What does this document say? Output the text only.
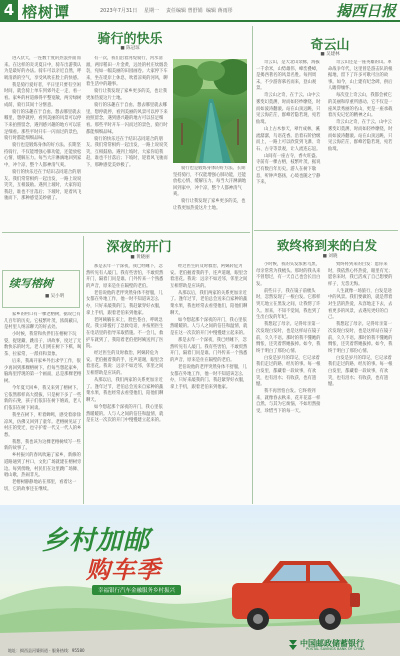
4 榕树谭	2023年7月31日 星期一 责任编辑 曾舒娟 编辑 蒋雨彤	揭西日报
骑行的快乐
■ 陈冠琼

进入伏天，一连数十度的热浪扑面而来。在这样的炎炎夏日中，骑车出游我认为是最好的办法。骑车可以亲近自然，呼吸清新的空气，享受风吹在脸上的快感。

我是骑行爱好者，平日里只要有空闲时间，就会骑上单车到郊外走一走、看一看。家乡的村道修得平整宽敞，两旁绿树成荫，骑行其间十分惬意。

骑行的乐趣在于自由。想去哪里就去哪里，想停就停，看到美丽的风景可以停下来拍照留念，遇到感兴趣的地方可以驻足细看。那些平时开车一闪而过的景色，骑行时都能细细品味。

骑行也是锻炼身体的好方法。长期坚持骑行，不仅能增强心肺功能，还能放松心情、缓解压力。每当大汗淋漓地回到家中，冲个凉，整个人都神清气爽。

骑行的快乐还在于结识志同道合的朋友。我们常常相约一起出发，一路上说说笑笑，互相鼓励。遇到上坡时，大家你追我赶，谁也不甘落后；下坡时，迎着风飞驰而下，那种感觉美妙极了。

有一次，我们沿着河堤骑行，河水清澈，两岸稻田一片金黄，远处的村庄炊烟袅袅，宛如一幅美丽的田园画卷。大家停下车来，坐在堤岸上休息，吹着凉爽的河风，聊着生活中的趣事。

骑行让我发现了家乡更多的美，也让我更加热爱这片土地。

骑行的乐趣在于自由。想去哪里就去哪里，想停就停，看到美丽的风景可以停下来拍照留念，遇到感兴趣的地方可以驻足细看。那些平时开车一闪而过的景色，骑行时都能细细品味。

骑行的快乐还在于结识志同道合的朋友。我们常常相约一起出发，一路上说说笑笑，互相鼓励。遇到上坡时，大家你追我赶，谁也不甘落后；下坡时，迎着风飞驰而下，那种感觉美妙极了。

骑行也是锻炼身体的好方法。长期坚持骑行，不仅能增强心肺功能，还能放松心情、缓解压力。每当大汗淋漓地回到家中，冲个凉，整个人都神清气爽。

骑行让我发现了家乡更多的美，也让我更加热爱这片土地。

深夜的开门
■ 黄晓丽

那是去年一个深夜，我已经睡下，忽然听见有人敲门。我有些害怕，不敢贸然开门，隔着门问是谁。门外传来一个熟悉的声音，原来是住在隔壁的老伯。

老伯说他的老伴突然身体不舒服，儿女都在外地工作，他一时不知道该怎么办，只好来敲我的门。我赶紧穿好衣服，拿上手机，跟着老伯来到他家。

老阿姨躺在床上，脸色苍白，呼吸急促。我立即拨打了急救电话，并按照医生在电话里的指导采取措施。不一会儿，救护车就到了，我陪着老伯把阿姨送到了医院。

经过医生的及时救治，阿姨转危为安。老伯握着我的手，连声道谢，眼里含着泪花。我说：远亲不如近邻，邻里之间互相帮助是应该的。

从那以后，我们两家的关系更加亲近了。逢年过节，老伯总会送来自家种的蔬菜水果，我也经常去看望他们，陪他们聊聊天。

如今想起那个深夜的开门，我心里依然暖暖的。人与人之间的信任和温情，就是在这一次次的开门中慢慢建立起来的。

经过医生的及时救治，阿姨转危为安。老伯握着我的手，连声道谢，眼里含着泪花。我说：远亲不如近邻，邻里之间互相帮助是应该的。

从那以后，我们两家的关系更加亲近了。逢年过节，老伯总会送来自家种的蔬菜水果，我也经常去看望他们，陪他们聊聊天。

如今想起那个深夜的开门，我心里依然暖暖的。人与人之间的信任和温情，就是在这一次次的开门中慢慢建立起来的。

那是去年一个深夜，我已经睡下，忽然听见有人敲门。我有些害怕，不敢贸然开门，隔着门问是谁。门外传来一个熟悉的声音，原来是住在隔壁的老伯。

老伯说他的老伴突然身体不舒服，儿女都在外地工作，他一时不知道该怎么办，只好来敲我的门。我赶紧穿好衣服，拿上手机，跟着老伯来到他家。

续写榕树
■ 吴小明

家乡的村口有一棵老榕树，据说已有几百年的历史。它枝繁叶茂，浓荫蔽日，是村里人纳凉聊天的好去处。

小时候，我常和伙伴们在榕树下玩耍，捉迷藏、跳房子、讲故事，度过了无数快乐的时光。老人们则在树下下棋、喝茶、拉家常，一派祥和景象。

后来，我离开家乡外出求学工作，很少再回到那棵榕树下。但每当想起家乡，脑海里浮现的第一个画面，总是那棵老榕树。

今年夏天回乡，我又来到了榕树下。它依然那样高大挺拔，只是树下多了一些新的石凳，孩子们依旧在树下嬉戏，老人们依旧在树下闲谈。

我坐在树下，听着蝉鸣，感受着徐徐凉风，仿佛又回到了童年。老榕树见证了村庄的变迁，也守护着一代又一代人的乡愁。

我想，我也该为这棵老榕树续写一些新的故事了。

乡村振兴的春风吹遍了家乡，新修的道路通到了村口，文化广场就建在榕树旁边。每到傍晚，村民们在这里跳广场舞、唱山歌，热闹非凡。

老榕树静静地站在那里，看着这一切，它的故事还在继续。

奇云山
■ 吴建林

奇云山，是大北山余脉，海拔一千余米，山势雄伟，峰峦叠嶂，是揭西著名的风景名胜。每到周末，不少游客慕名而来，登山观景。

奇云山之奇，在于云。山中云雾变幻莫测，时而如轻纱缭绕，时而如波涛翻滚。站在山顶远眺，只见云海茫茫，群峰若隐若现，宛若仙境。

山上古木参天，翠竹成林，溪流潺潺，鸟语花香。沿着石阶拾级而上，一路上可以欣赏到飞瀑、奇石、古寺等景观，让人流连忘返。

山间有一座古寺，香火旺盛。寺前有一棵古榕，枝繁叶茂，据说已有数百年历史。游人在树下歇息，听钟声悠扬，心境也随之宁静下来。

奇云山还是一座英雄的山。革命战争年代，这里曾是游击队的根据地，留下了许多可歌可泣的故事。如今，山上建有纪念碑，供后人瞻仰缅怀。

每次登上奇云山，我都会被它的美丽和厚重所感动。它不仅是一座风景秀丽的名山，更是一座承载着历史记忆的精神之山。

奇云山之奇，在于云。山中云雾变幻莫测，时而如轻纱缭绕，时而如波涛翻滚。站在山顶远眺，只见云海茫茫，群峰若隐若现，宛若仙境。

致终将到来的白发
■ 刘晓

小时候，我的头发浓密乌黑，母亲常常为我梳头。那时的我从来不曾想过，有一天自己也会长出白发。

前些日子，我在镜子前梳头时，忽然发现了一根白发。它那样突兀地立在黑发之间，让我愣了许久。原来，不知不觉间，我也到了生出白发的年纪。

我想起了母亲。记得母亲第一次发现白发时，也是这样站在镜子前，久久不语。那时的我不懂她的惆怅，还笑着帮她拔掉。如今，我终于明白了那份心情。

白发是岁月的印记，它记录着我们走过的路、经历的事。每一根白发里，都藏着一段故事，有欢笑，也有泪水；有收获，也有遗憾。

我不再害怕白发。它终将到来，就像春去秋来、花开花落一样自然。与其为它烦恼，不如坦然接受，珍惜当下的每一天。

致终将到来的白发：愿你来时，我依然心怀热爱，眼里有光；愿你来时，我已活成了自己想要的样子，无怨无悔。

人生就像一场旅行，白发是途中的风景。我们要做的，就是带着对生活的热爱，从容地走下去，去看更多的风景，去遇见更好的自己。

我想起了母亲。记得母亲第一次发现白发时，也是这样站在镜子前，久久不语。那时的我不懂她的惆怅，还笑着帮她拔掉。如今，我终于明白了那份心情。

白发是岁月的印记，它记录着我们走过的路、经历的事。每一根白发里，都藏着一段故事，有欢笑，也有泪水；有收获，也有遗憾。

乡村加邮
购车季
幸福银行汽车金融服务乡村振兴
中国邮政储蓄银行
POSTAL SAVINGS BANK OF CHINA
地址：揭西县河婆街道 · 服务热线：95580
